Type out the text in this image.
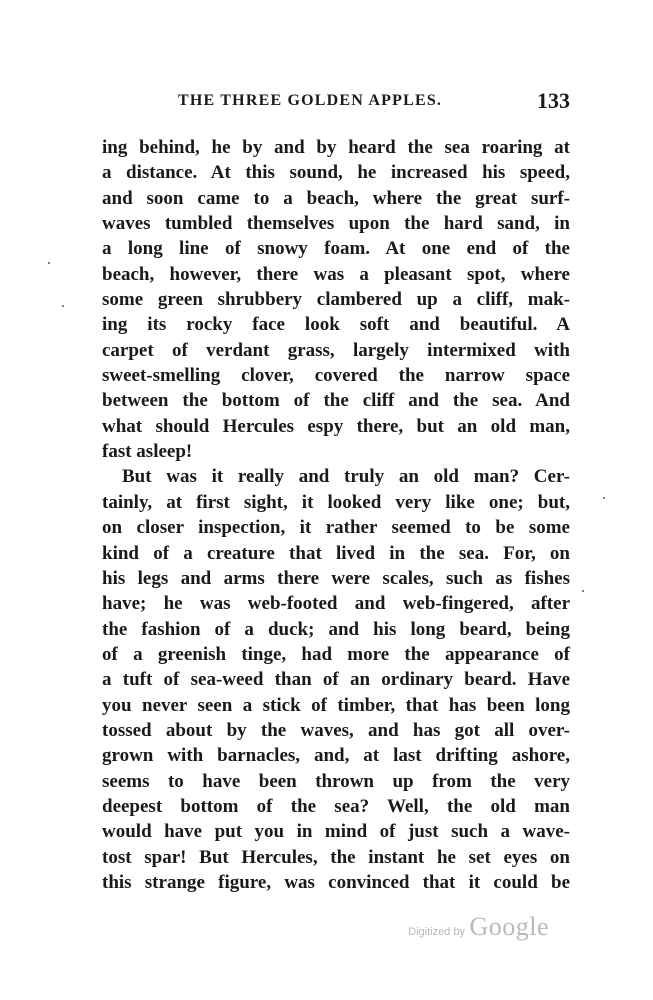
THE THREE GOLDEN APPLES.	133
ing behind, he by and by heard the sea roaring at
a distance. At this sound, he increased his speed,
and soon came to a beach, where the great surf-
waves tumbled themselves upon the hard sand, in
a long line of snowy foam. At one end of the
beach, however, there was a pleasant spot, where
some green shrubbery clambered up a cliff, mak-
ing its rocky face look soft and beautiful. A
carpet of verdant grass, largely intermixed with
sweet-smelling clover, covered the narrow space
between the bottom of the cliff and the sea. And
what should Hercules espy there, but an old man,
fast asleep!
But was it really and truly an old man? Cer-
tainly, at first sight, it looked very like one; but,
on closer inspection, it rather seemed to be some
kind of a creature that lived in the sea. For, on
his legs and arms there were scales, such as fishes
have; he was web-footed and web-fingered, after
the fashion of a duck; and his long beard, being
of a greenish tinge, had more the appearance of
a tuft of sea-weed than of an ordinary beard. Have
you never seen a stick of timber, that has been long
tossed about by the waves, and has got all over-
grown with barnacles, and, at last drifting ashore,
seems to have been thrown up from the very
deepest bottom of the sea? Well, the old man
would have put you in mind of just such a wave-
tost spar! But Hercules, the instant he set eyes on
this strange figure, was convinced that it could be
Digitized by Google
